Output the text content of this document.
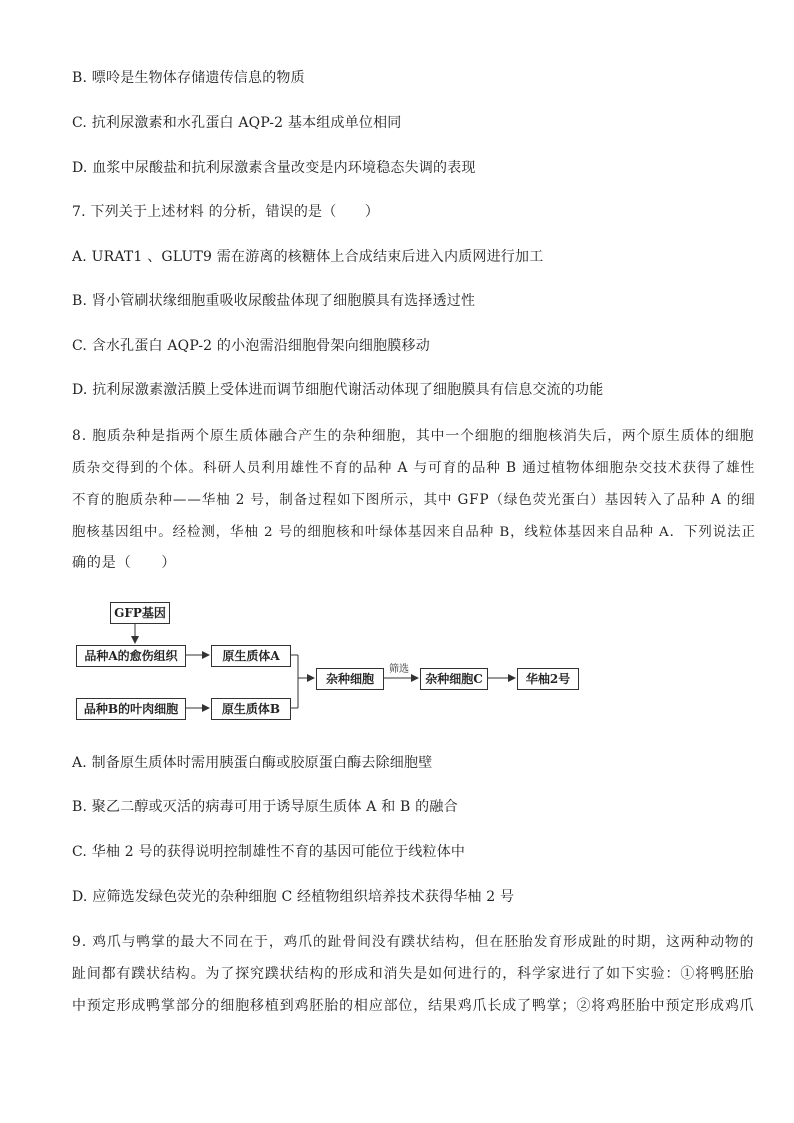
B. 嘌呤是生物体存储遗传信息的物质
C. 抗利尿激素和水孔蛋白 AQP-2 基本组成单位相同
D. 血浆中尿酸盐和抗利尿激素含量改变是内环境稳态失调的表现
7. 下列关于上述材料 的分析，错误的是（　　）
A. URAT1 、GLUT9 需在游离的核糖体上合成结束后进入内质网进行加工
B. 肾小管刷状缘细胞重吸收尿酸盐体现了细胞膜具有选择透过性
C. 含水孔蛋白 AQP-2 的小泡需沿细胞骨架向细胞膜移动
D. 抗利尿激素激活膜上受体进而调节细胞代谢活动体现了细胞膜具有信息交流的功能
8. 胞质杂种是指两个原生质体融合产生的杂种细胞，其中一个细胞的细胞核消失后，两个原生质体的细胞
质杂交得到的个体。科研人员利用雄性不育的品种 A 与可育的品种 B 通过植物体细胞杂交技术获得了雄性
不育的胞质杂种——华柚 2 号，制备过程如下图所示，其中 GFP（绿色荧光蛋白）基因转入了品种 A 的细
胞核基因组中。经检测，华柚 2 号的细胞核和叶绿体基因来自品种 B，线粒体基因来自品种 A．下列说法正
确的是（　　）
GFP基因
品种A的愈伤组织
品种B的叶肉细胞
原生质体A
原生质体B
杂种细胞
筛选
杂种细胞C	华柚2号
A. 制备原生质体时需用胰蛋白酶或胶原蛋白酶去除细胞壁
B. 聚乙二醇或灭活的病毒可用于诱导原生质体 A 和 B 的融合
C. 华柚 2 号的获得说明控制雄性不育的基因可能位于线粒体中
D. 应筛选发绿色荧光的杂种细胞 C 经植物组织培养技术获得华柚 2 号
9. 鸡爪与鸭掌的最大不同在于，鸡爪的趾骨间没有蹼状结构，但在胚胎发育形成趾的时期，这两种动物的
趾间都有蹼状结构。为了探究蹼状结构的形成和消失是如何进行的，科学家进行了如下实验：①将鸭胚胎
中预定形成鸭掌部分的细胞移植到鸡胚胎的相应部位，结果鸡爪长成了鸭掌；②将鸡胚胎中预定形成鸡爪
